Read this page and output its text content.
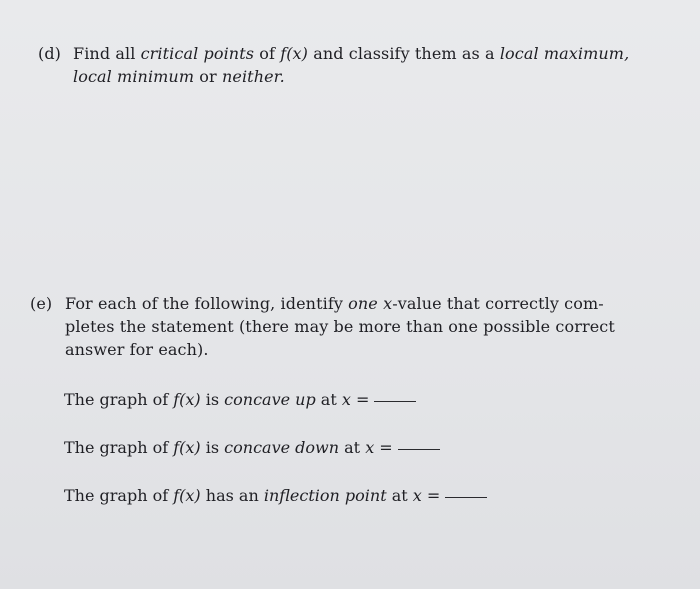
(d) Find all critical points of f(x) and classify them as a local maximum,
local minimum or neither.
(e) For each of the following, identify one x-value that correctly com-
pletes the statement (there may be more than one possible correct
answer for each).
The graph of f(x) is concave up at x =
The graph of f(x) is concave down at x =
The graph of f(x) has an inflection point at x =
